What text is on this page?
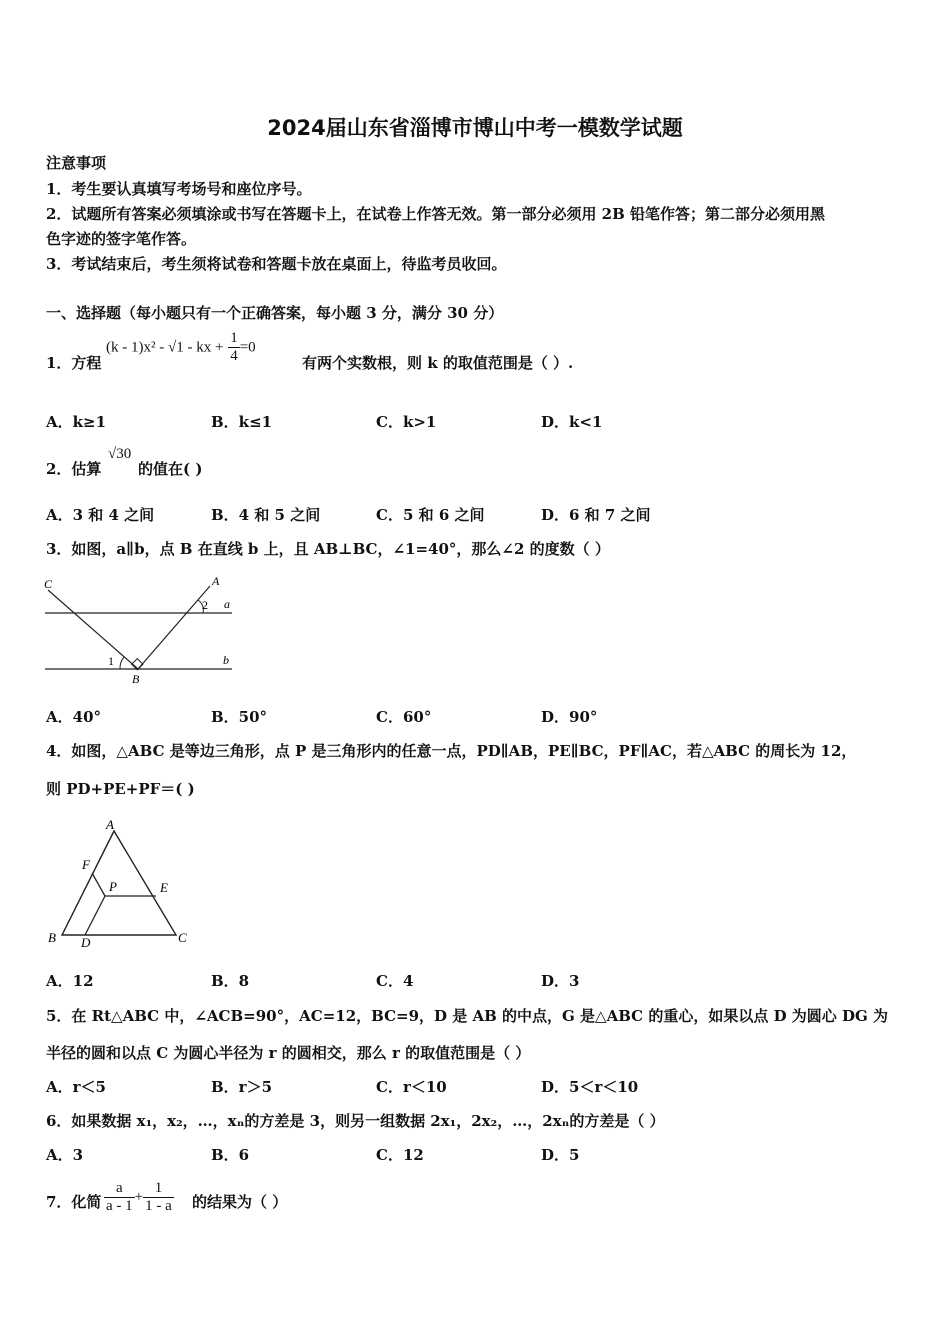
2024届山东省淄博市博山中考一模数学试题
注意事项
1．考生要认真填写考场号和座位序号。
2．试题所有答案必须填涂或书写在答题卡上，在试卷上作答无效。第一部分必须用 2B 铅笔作答；第二部分必须用黑
色字迹的签字笔作答。
3．考试结束后，考生须将试卷和答题卡放在桌面上，待监考员收回。
一、选择题（每小题只有一个正确答案，每小题 3 分，满分 30 分）
1．方程
(k - 1)x² - √1 - kx + $\frac{1}{4} =0$
有两个实数根，则 k 的取值范围是（ ）.
A．k≥1	B．k≤1	C．k>1	D．k<1
2．估算
√30
的值在( )
A．3 和 4 之间	B．4 和 5 之间	C．5 和 6 之间	D．6 和 7 之间
3．如图，a∥b，点 B 在直线 b 上，且 AB⊥BC，∠1=40°，那么∠2 的度数（ ）
C	A
2 a
1	b
B
A．40°	B．50°	C．60°	D．90°
4．如图，△ABC 是等边三角形，点 P 是三角形内的任意一点，PD∥AB，PE∥BC，PF∥AC，若△ABC 的周长为 12，
则 PD+PE+PF＝( )
A
F
P	E
B D	C
A．12	B．8	C．4	D．3
5．在 Rt△ABC 中，∠ACB=90°，AC=12，BC=9，D 是 AB 的中点，G 是△ABC 的重心，如果以点 D 为圆心 DG 为
半径的圆和以点 C 为圆心半径为 r 的圆相交，那么 r 的取值范围是（ ）
A．r＜5	B．r＞5	C．r＜10	D．5＜r＜10
6．如果数据 x₁，x₂，…，xₙ的方差是 3，则另一组数据 2x₁，2x₂，…，2xₙ的方差是（ ）
A．3	B．6	C．12	D．5
7．化简 $\frac{a}{a - 1} + \frac{1}{1 - a}$ 的结果为（ ）
